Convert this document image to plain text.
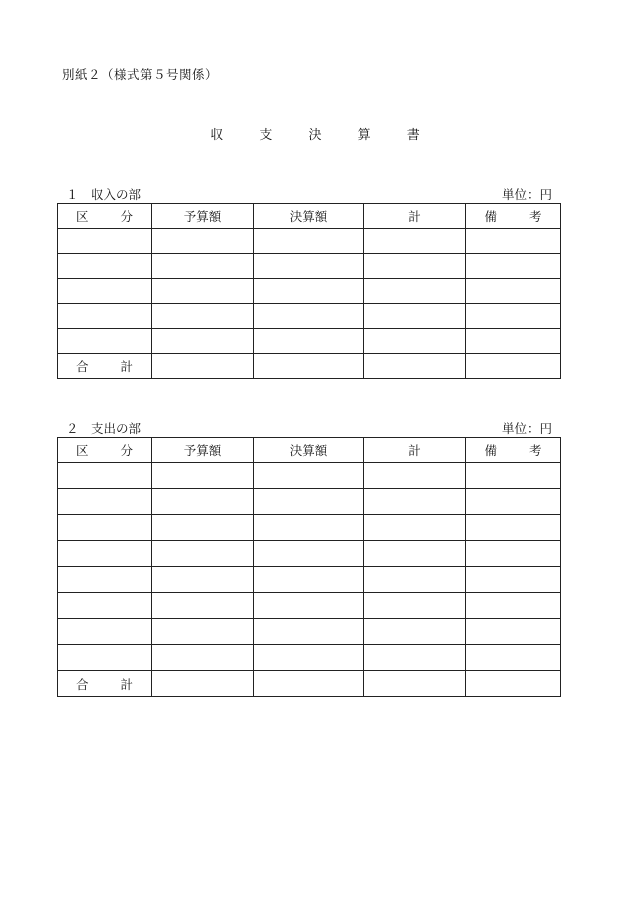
別紙２（様式第５号関係）
収 支 決 算 書
１　収入の部	単位：円
区 分	予算額	決算額	計	備 考

合 計				
２　支出の部	単位：円
区 分	予算額	決算額	計	備 考

合 計				
